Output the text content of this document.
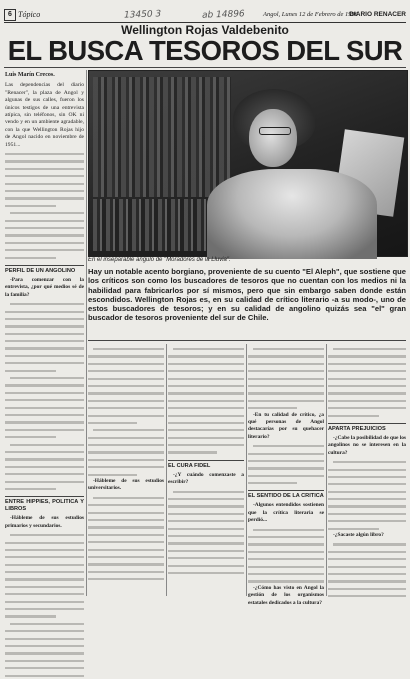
6 Tópico	13450 3	ab 14896	Angol, Lunes 12 de Febrero de 1996
DIARIO RENACER
Wellington Rojas Valdebenito
EL BUSCA TESOROS DEL SUR
Luis Marín Crecos.
Las dependencias del diario "Renacer", la plaza de Angol y algunas de sus calles, fueron los únicos testigos de una entrevista atípica, sin teléfonos, sin OK ni vendo y en un ambiente agradable, con la que Wellington Rojas hijo de Angol nacido en noviembre de 1951...
PERFIL DE UN ANGOLINO

-Para comenzar con la entrevista, ¿por qué medios sé de la familia?

ENTRE HIPPIES, POLITICA Y LIBROS

-Hábleme de sus estudios primarios y secundarios.

En el inseparable angulo de "Moradores de la Lluvia".
Hay un notable acento borgiano, proveniente de su cuento "El Aleph", que sostiene que los críticos son como los buscadores de tesoros que no cuentan con los medios ni la habilidad para fabricarlos por sí mismos, pero que sin embargo saben donde están escondidos. Wellington Rojas es, en su calidad de crítico literario -a su modo-, uno de estos buscadores de tesoros; y en su calidad de angolino quizás sea "el" gran buscador de tesoros proveniente del sur de Chile.

-Hábleme de sus estudios universitarios.

EL CURA FIDEL

-¿Y cuándo comenzaste a escribir?

-En tu calidad de crítico, ¿a qué personas de Angol destacarías por su quehacer literario?

EL SENTIDO DE LA CRITICA

-Algunos entendidos sostienen que la crítica literaria se perdió...

-¿Cómo has visto en Angol la gestión de los organismos estatales dedicados a la cultura?

APARTA PREJUICIOS

-¿Cabe la posibilidad de que los angolinos no se interesen en la cultura?

-¿Sacaste algún libro?
